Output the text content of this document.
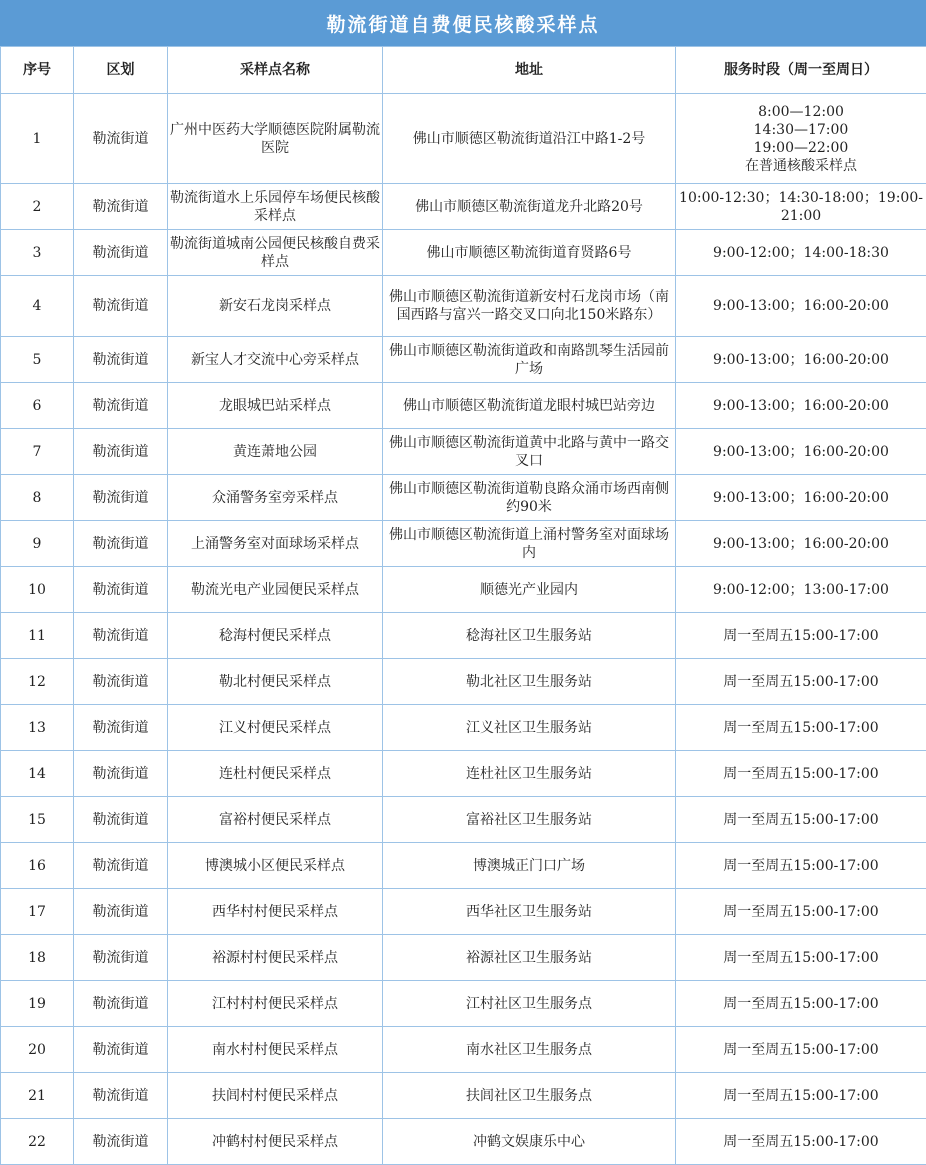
勒流街道自费便民核酸采样点
序号	区划	采样点名称	地址	服务时段（周一至周日）
1	勒流街道	广州中医药大学顺德医院附属勒流医院	佛山市顺德区勒流街道沿江中路1-2号	8:00—12:00
14:30—17:00
19:00—22:00
在普通核酸采样点
2	勒流街道	勒流街道水上乐园停车场便民核酸采样点	佛山市顺德区勒流街道龙升北路20号	10:00-12:30；14:30-18:00；19:00-21:00
3	勒流街道	勒流街道城南公园便民核酸自费采样点	佛山市顺德区勒流街道育贤路6号	9:00-12:00；14:00-18:30
4	勒流街道	新安石龙岗采样点	佛山市顺德区勒流街道新安村石龙岗市场（南国西路与富兴一路交叉口向北150米路东）	9:00-13:00；16:00-20:00
5	勒流街道	新宝人才交流中心旁采样点	佛山市顺德区勒流街道政和南路凯琴生活园前广场	9:00-13:00；16:00-20:00
6	勒流街道	龙眼城巴站采样点	佛山市顺德区勒流街道龙眼村城巴站旁边	9:00-13:00；16:00-20:00
7	勒流街道	黄连萧地公园	佛山市顺德区勒流街道黄中北路与黄中一路交叉口	9:00-13:00；16:00-20:00
8	勒流街道	众涌警务室旁采样点	佛山市顺德区勒流街道勒良路众涌市场西南侧约90米	9:00-13:00；16:00-20:00
9	勒流街道	上涌警务室对面球场采样点	佛山市顺德区勒流街道上涌村警务室对面球场内	9:00-13:00；16:00-20:00
10	勒流街道	勒流光电产业园便民采样点	顺德光产业园内	9:00-12:00；13:00-17:00
11	勒流街道	稔海村便民采样点	稔海社区卫生服务站	周一至周五15:00-17:00
12	勒流街道	勒北村便民采样点	勒北社区卫生服务站	周一至周五15:00-17:00
13	勒流街道	江义村便民采样点	江义社区卫生服务站	周一至周五15:00-17:00
14	勒流街道	连杜村便民采样点	连杜社区卫生服务站	周一至周五15:00-17:00
15	勒流街道	富裕村便民采样点	富裕社区卫生服务站	周一至周五15:00-17:00
16	勒流街道	博澳城小区便民采样点	博澳城正门口广场	周一至周五15:00-17:00
17	勒流街道	西华村村便民采样点	西华社区卫生服务站	周一至周五15:00-17:00
18	勒流街道	裕源村村便民采样点	裕源社区卫生服务站	周一至周五15:00-17:00
19	勒流街道	江村村村便民采样点	江村社区卫生服务点	周一至周五15:00-17:00
20	勒流街道	南水村村便民采样点	南水社区卫生服务点	周一至周五15:00-17:00
21	勒流街道	扶闾村村便民采样点	扶闾社区卫生服务点	周一至周五15:00-17:00
22	勒流街道	冲鹤村村便民采样点	冲鹤文娱康乐中心	周一至周五15:00-17:00
